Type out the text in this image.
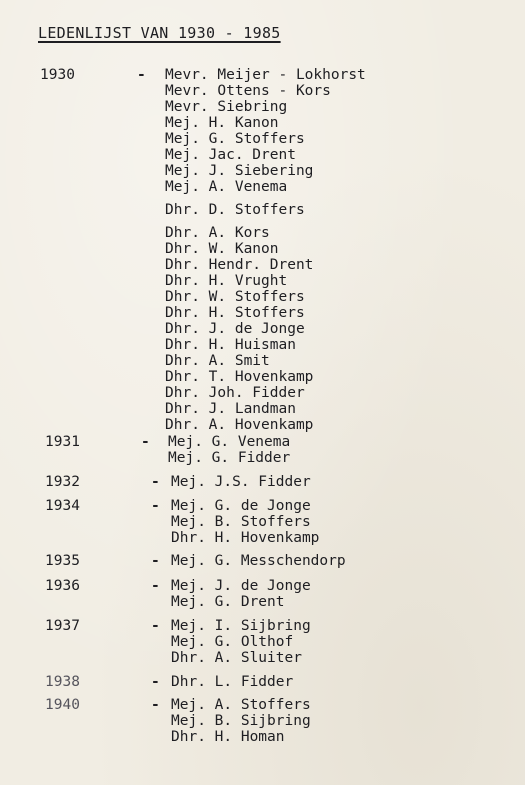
LEDENLIJST VAN 1930 - 1985
1930	- Mevr. Meijer - Lokhorst
Mevr. Ottens - Kors
Mevr. Siebring
Mej. H. Kanon
Mej. G. Stoffers
Mej. Jac. Drent
Mej. J. Siebering
Mej. A. Venema
Dhr. D. Stoffers
Dhr. A. Kors
Dhr. W. Kanon
Dhr. Hendr. Drent
Dhr. H. Vrught
Dhr. W. Stoffers
Dhr. H. Stoffers
Dhr. J. de Jonge
Dhr. H. Huisman
Dhr. A. Smit
Dhr. T. Hovenkamp
Dhr. Joh. Fidder
Dhr. J. Landman
Dhr. A. Hovenkamp
1931	- Mej. G. Venema
Mej. G. Fidder
1932	- Mej. J.S. Fidder
1934	- Mej. G. de Jonge
Mej. B. Stoffers
Dhr. H. Hovenkamp
1935	- Mej. G. Messchendorp
1936	- Mej. J. de Jonge
Mej. G. Drent
1937	- Mej. I. Sijbring
Mej. G. Olthof
Dhr. A. Sluiter
1938	- Dhr. L. Fidder
1940	- Mej. A. Stoffers
Mej. B. Sijbring
Dhr. H. Homan
